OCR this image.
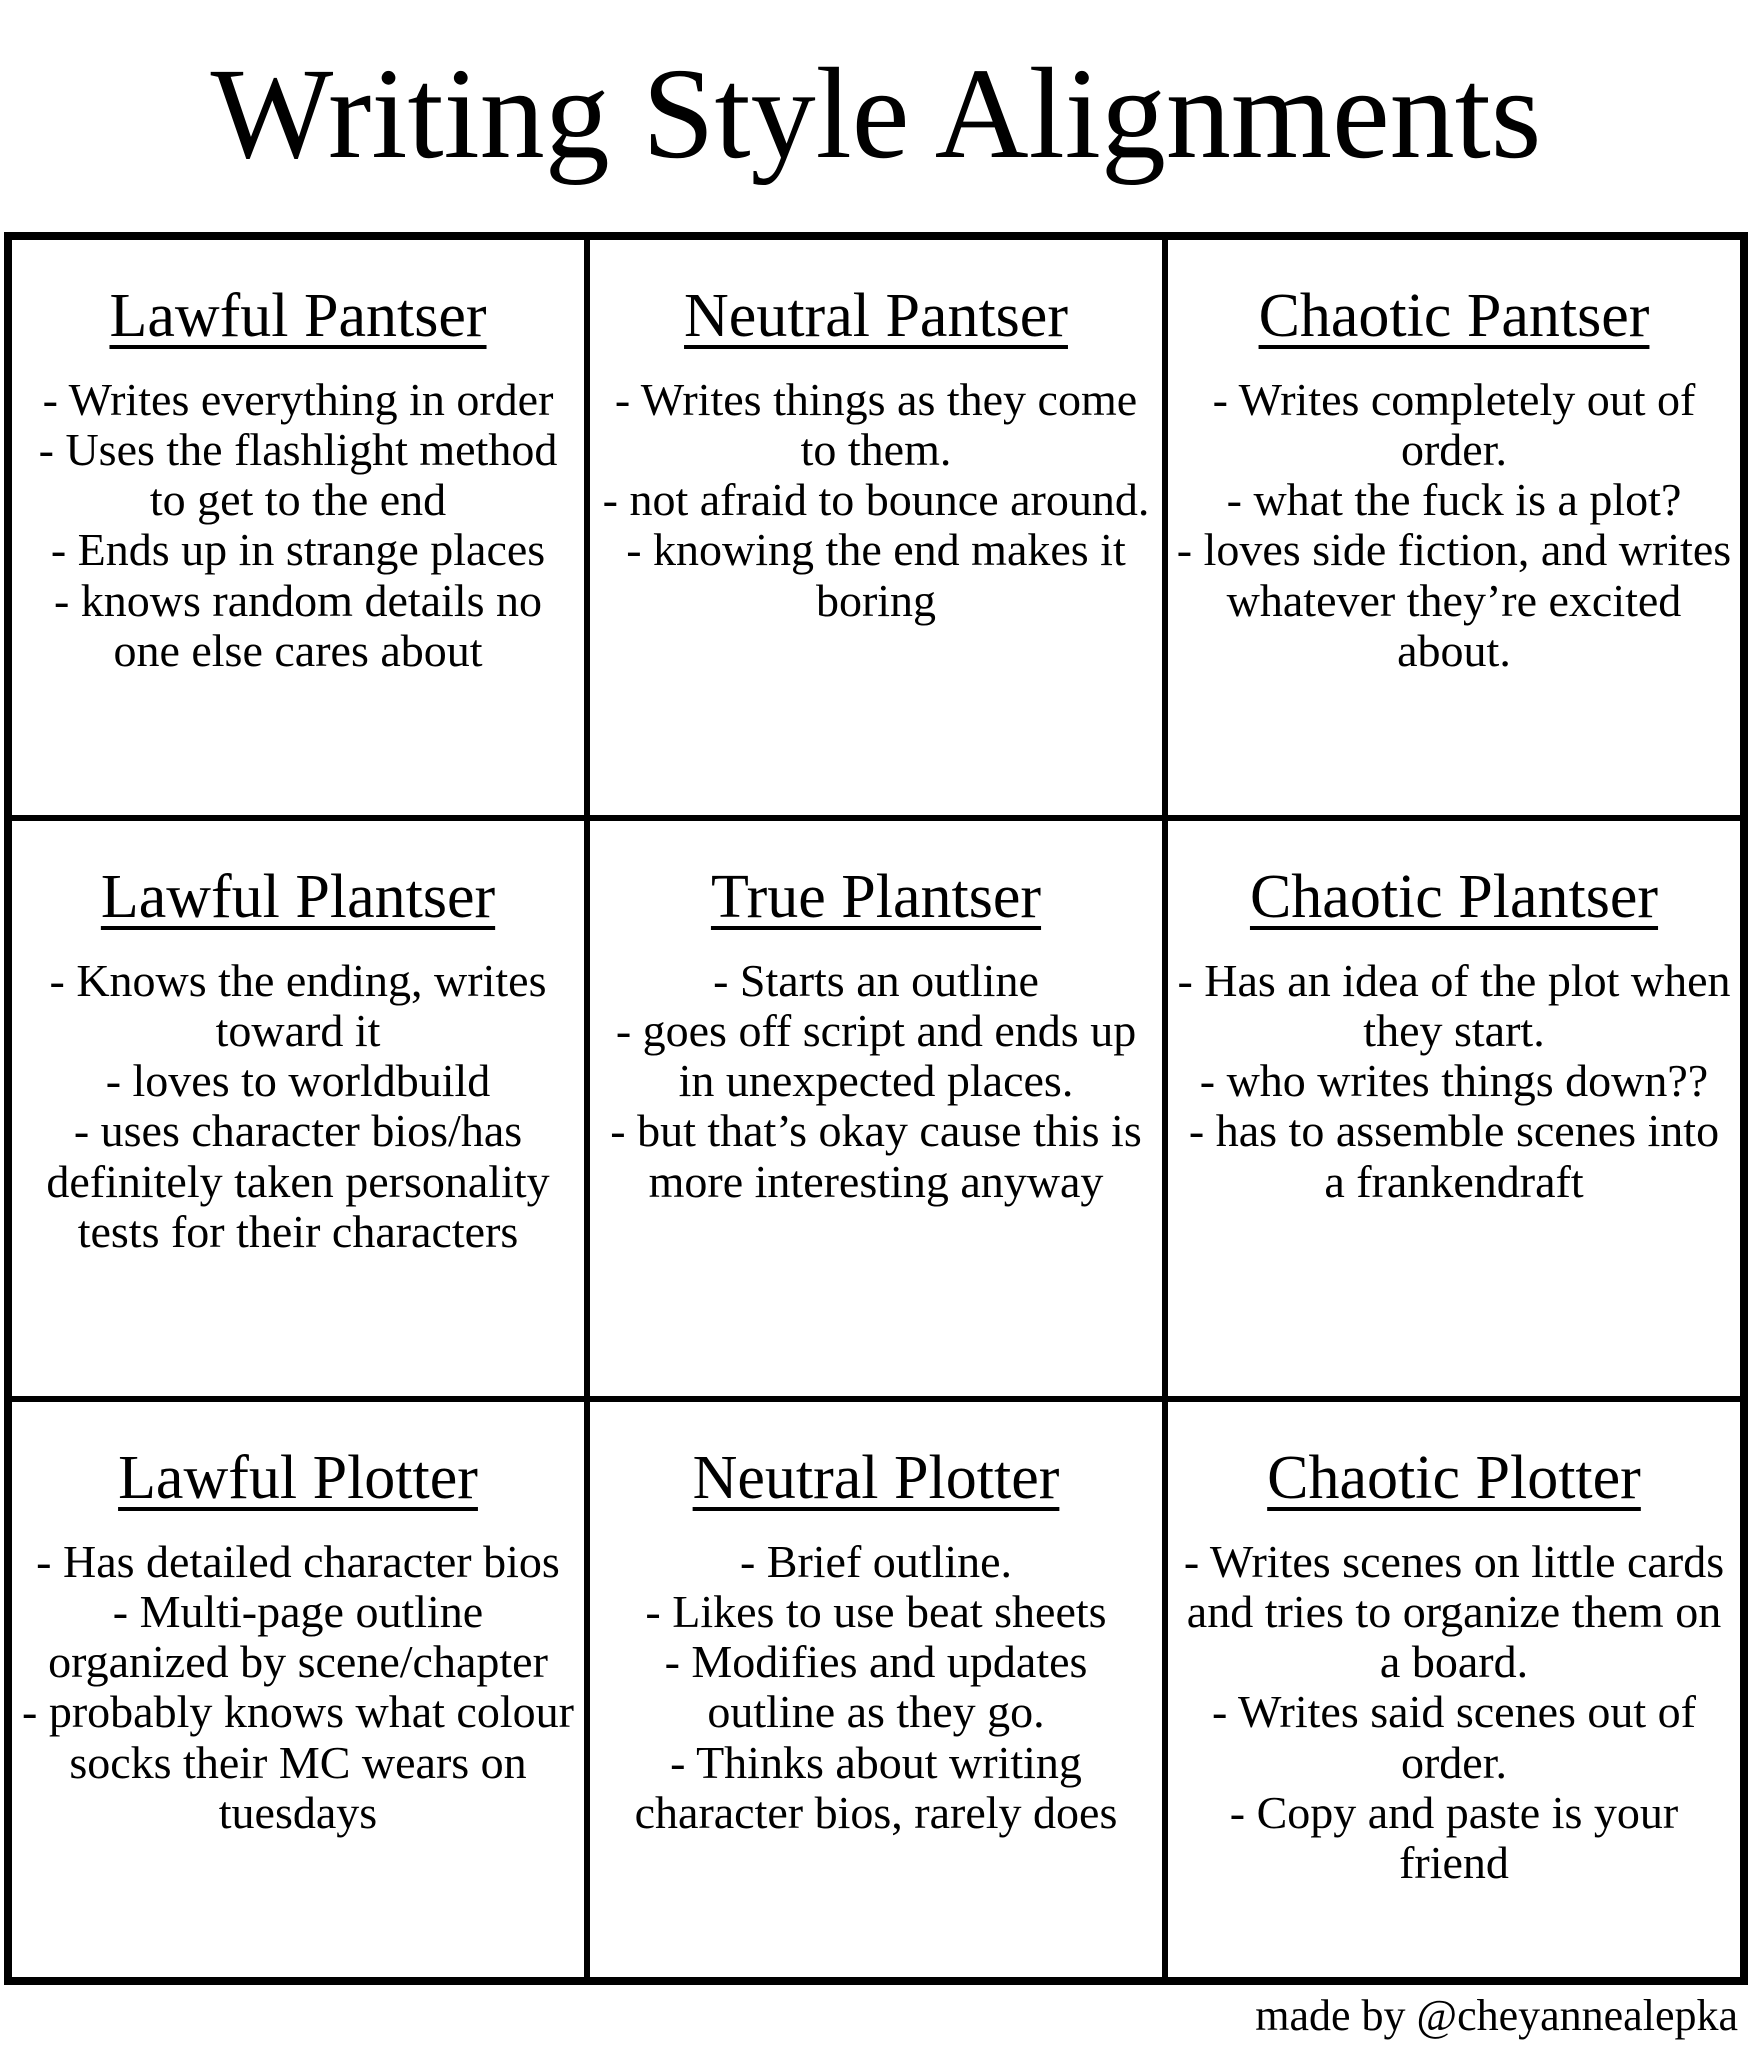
Writing Style Alignments
Lawful Pantser
- Writes everything in order
- Uses the flashlight method to get to the end
- Ends up in strange places
- knows random details no one else cares about
Neutral Pantser
- Writes things as they come to them.
- not afraid to bounce around.
- knowing the end makes it boring
Chaotic Pantser
- Writes completely out of order.
- what the fuck is a plot?
- loves side fiction, and writes whatever they’re excited about.
Lawful Plantser
- Knows the ending, writes toward it
- loves to worldbuild
- uses character bios/has definitely taken personality tests for their characters
True Plantser
- Starts an outline
- goes off script and ends up in unexpected places.
- but that’s okay cause this is more interesting anyway
Chaotic Plantser
- Has an idea of the plot when they start.
- who writes things down??
- has to assemble scenes into a frankendraft
Lawful Plotter
- Has detailed character bios
- Multi-page outline organized by scene/chapter
- probably knows what colour socks their MC wears on tuesdays
Neutral Plotter
- Brief outline.
- Likes to use beat sheets
- Modifies and updates outline as they go.
- Thinks about writing character bios, rarely does
Chaotic Plotter
- Writes scenes on little cards and tries to organize them on a board.
- Writes said scenes out of order.
- Copy and paste is your friend
made by @cheyannealepka
